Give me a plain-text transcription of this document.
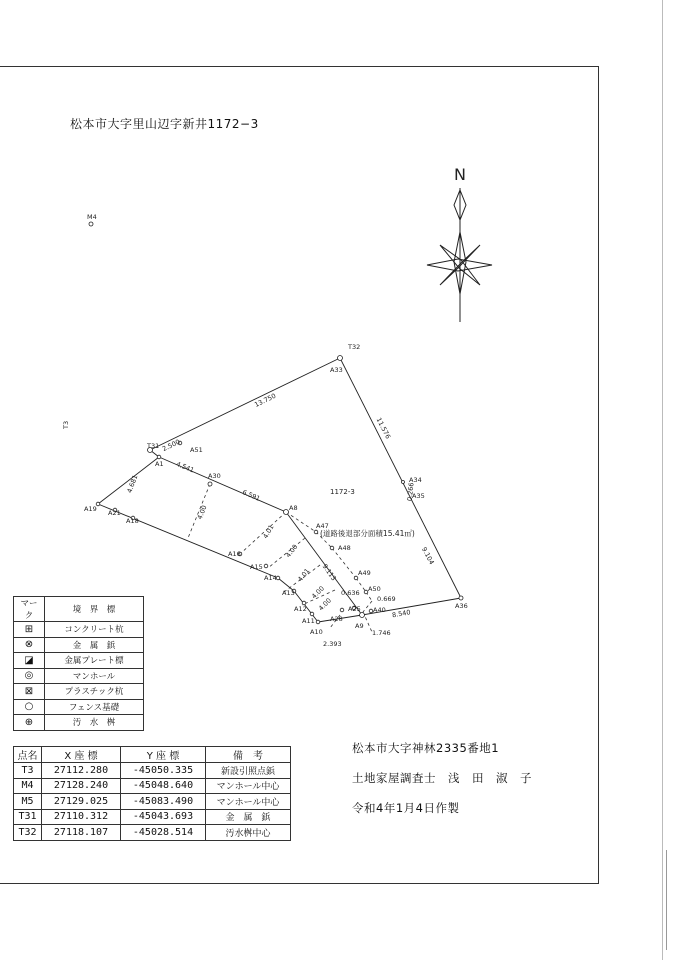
松本市大字里山辺字新井1172−3
N
M4
T3
T32
A33
T31	A51
A1
A30
A8
A47
A48
A49
A50
A34
A35
A36
A19 A21
A18
A16
A15
A14
A13
A12
A11
A10
A28
A25 A40
A9
13.750
11.576
2.500
4.541
4.681
6.591
4.00
4.01
4.00
4.01 9.113
4.00
4.00
0.636
0.669
8.540
1.746
2.393
0.266
9.104
1172-3
(道路後退部分面積15.41㎡)
マーク	境　界　標
⊞	コンクリート杭
⊗	金　属　鋲
◪	金属プレート標
◎	マンホール
⊠	プラスチック杭
○	フェンス基礎
⊕	汚　水　桝
点名	X 座 標	Y 座 標	備　考
T3	27112.280	-45050.335	新設引照点鋲
M4	27128.240	-45048.640	マンホール中心
M5	27129.025	-45083.490	マンホール中心
T31	27110.312	-45043.693	金　属　鋲
T32	27118.107	-45028.514	汚水桝中心
松本市大字神林2335番地1
土地家屋調査士　浅　田　淑　子
令和4年1月4日作製
